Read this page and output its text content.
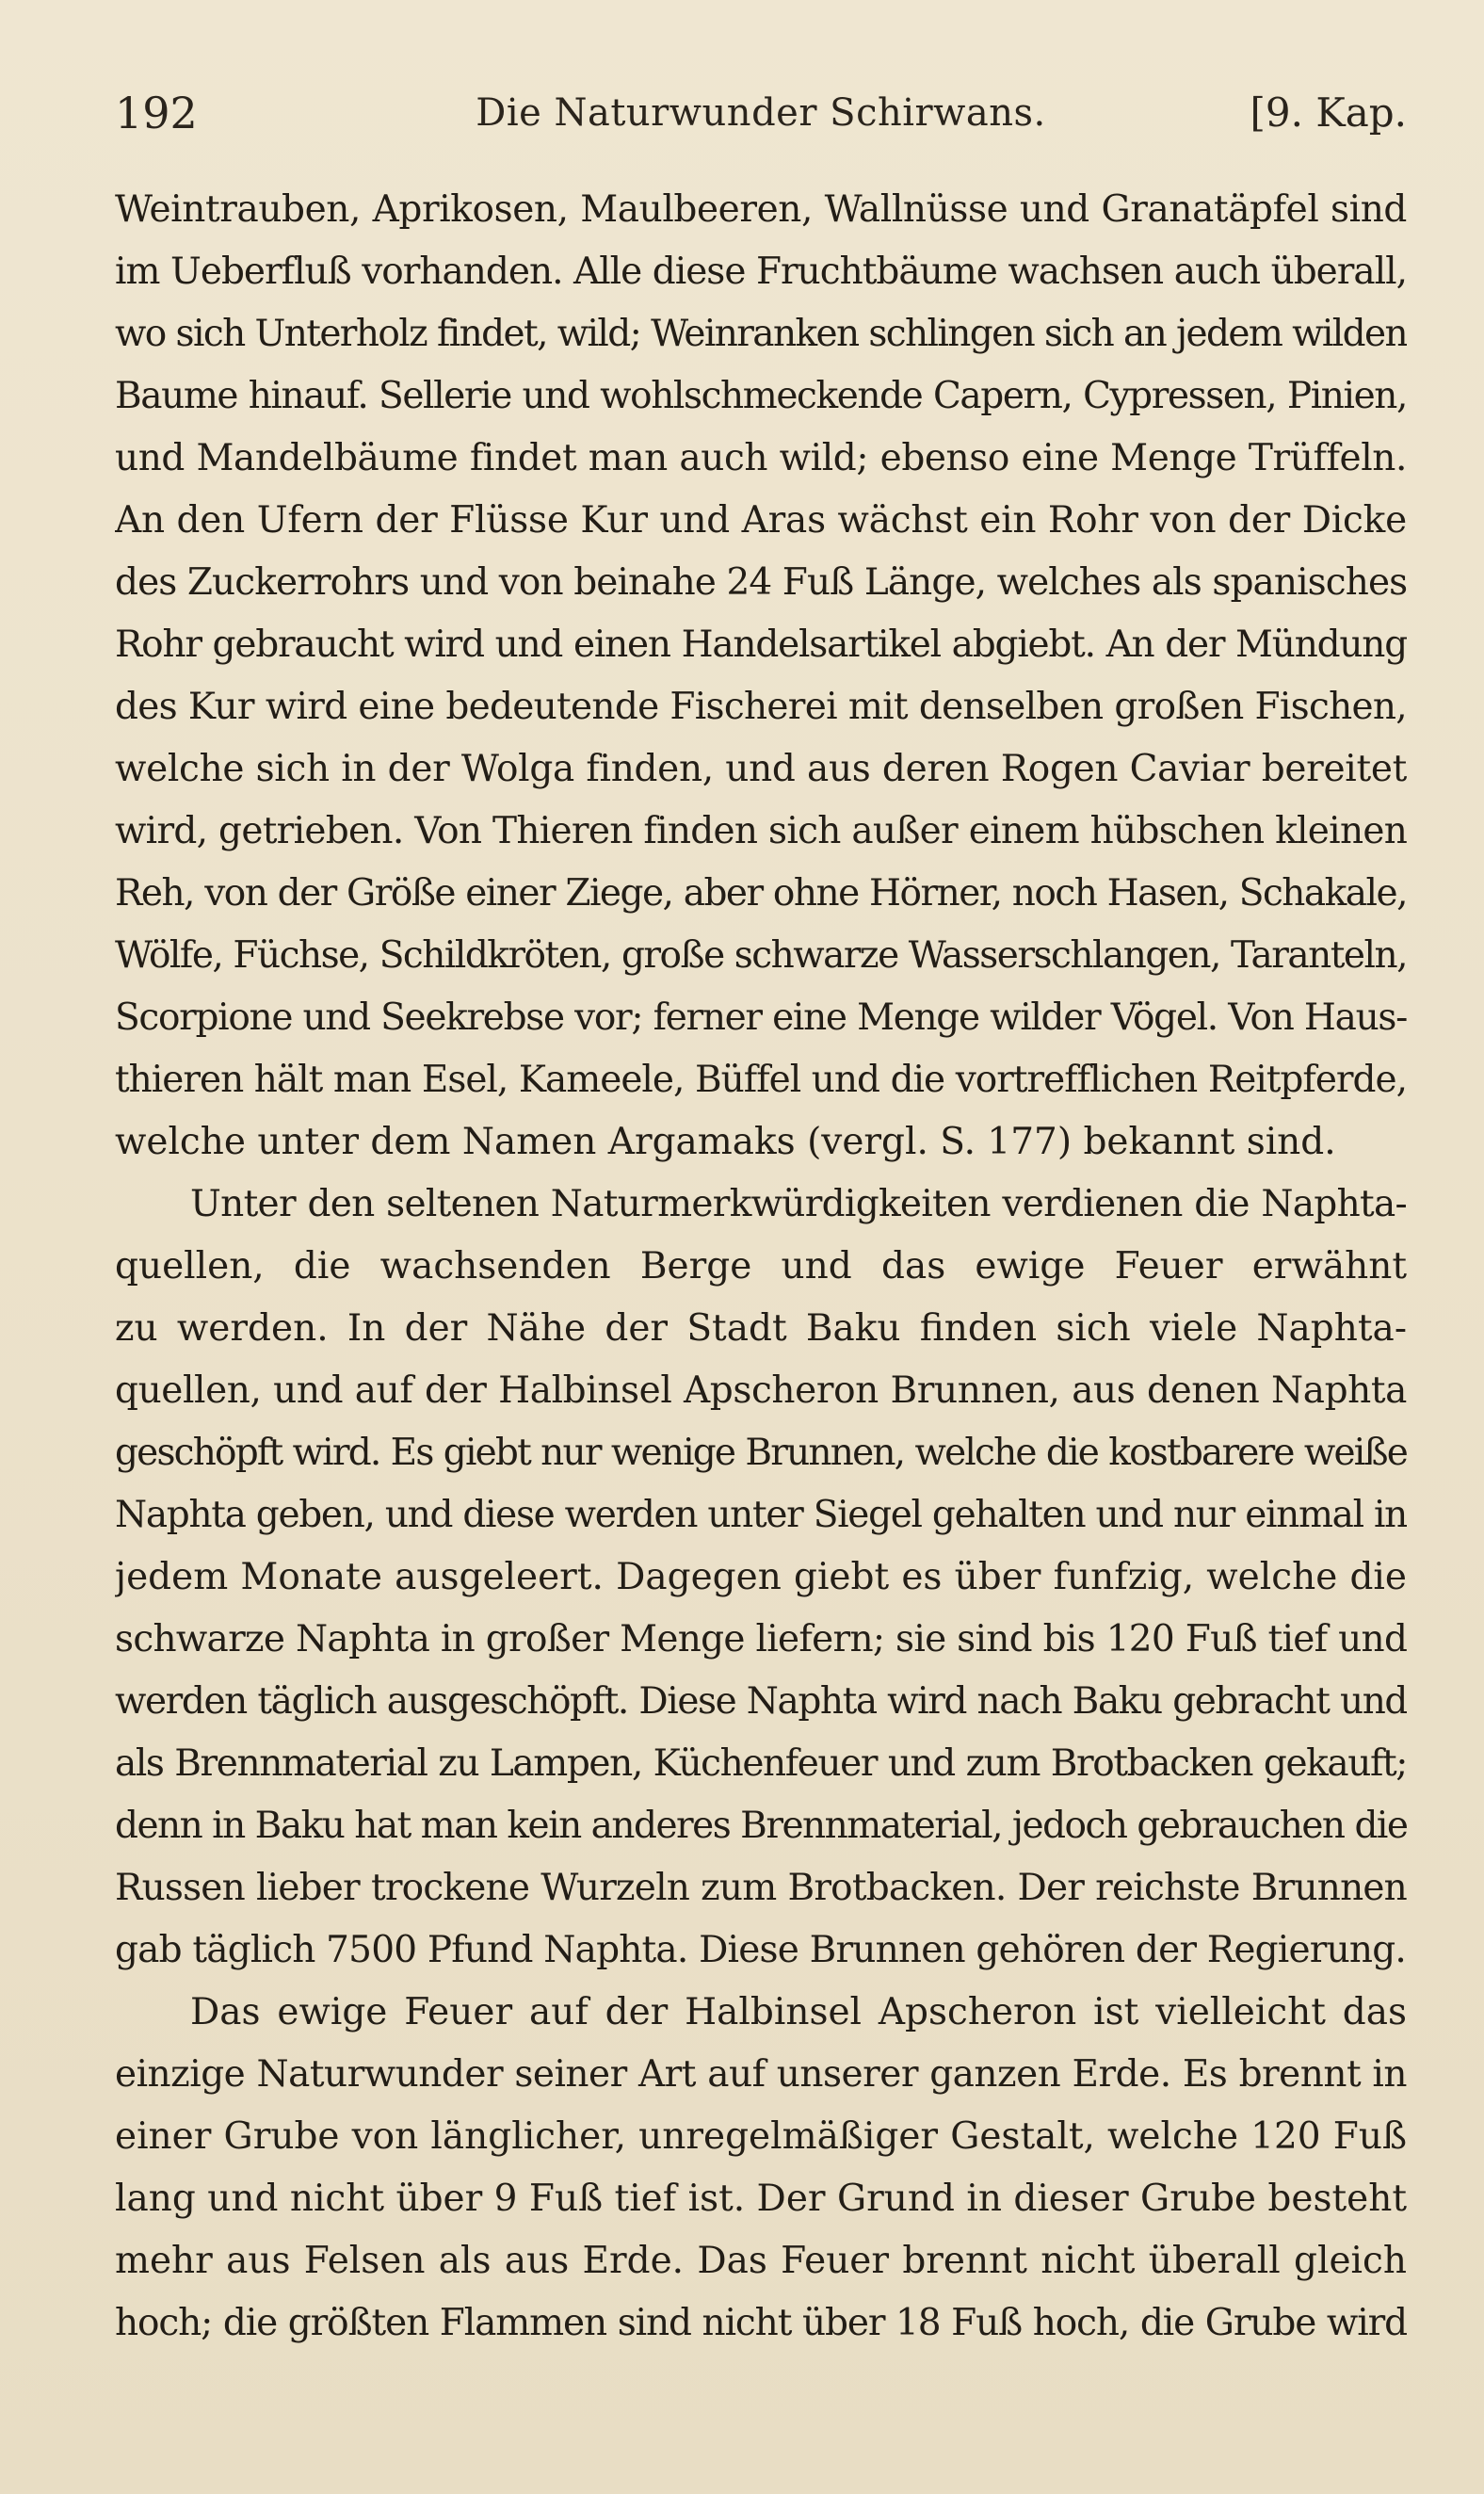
192	Die Naturwunder Schirwans.	[9. Kap.
Weintrauben, Aprikosen, Maulbeeren, Wallnüsse und Granatäpfel sind
im Ueberfluß vorhanden. Alle diese Fruchtbäume wachsen auch überall,
wo sich Unterholz findet, wild; Weinranken schlingen sich an jedem wilden
Baume hinauf. Sellerie und wohlschmeckende Capern, Cypressen, Pinien,
und Mandelbäume findet man auch wild; ebenso eine Menge Trüffeln.
An den Ufern der Flüsse Kur und Aras wächst ein Rohr von der Dicke
des Zuckerrohrs und von beinahe 24 Fuß Länge, welches als spanisches
Rohr gebraucht wird und einen Handelsartikel abgiebt. An der Mündung
des Kur wird eine bedeutende Fischerei mit denselben großen Fischen,
welche sich in der Wolga finden, und aus deren Rogen Caviar bereitet
wird, getrieben. Von Thieren finden sich außer einem hübschen kleinen
Reh, von der Größe einer Ziege, aber ohne Hörner, noch Hasen, Schakale,
Wölfe, Füchse, Schildkröten, große schwarze Wasserschlangen, Taranteln,
Scorpione und Seekrebse vor; ferner eine Menge wilder Vögel. Von Haus-
thieren hält man Esel, Kameele, Büffel und die vortrefflichen Reitpferde,
welche unter dem Namen Argamaks (vergl. S. 177) bekannt sind.
Unter den seltenen Naturmerkwürdigkeiten verdienen die Naphta-
quellen, die wachsenden Berge und das ewige Feuer erwähnt
zu werden. In der Nähe der Stadt Baku finden sich viele Naphta-
quellen, und auf der Halbinsel Apscheron Brunnen, aus denen Naphta
geschöpft wird. Es giebt nur wenige Brunnen, welche die kostbarere weiße
Naphta geben, und diese werden unter Siegel gehalten und nur einmal in
jedem Monate ausgeleert. Dagegen giebt es über funfzig, welche die
schwarze Naphta in großer Menge liefern; sie sind bis 120 Fuß tief und
werden täglich ausgeschöpft. Diese Naphta wird nach Baku gebracht und
als Brennmaterial zu Lampen, Küchenfeuer und zum Brotbacken gekauft;
denn in Baku hat man kein anderes Brennmaterial, jedoch gebrauchen die
Russen lieber trockene Wurzeln zum Brotbacken. Der reichste Brunnen
gab täglich 7500 Pfund Naphta. Diese Brunnen gehören der Regierung.
Das ewige Feuer auf der Halbinsel Apscheron ist vielleicht das
einzige Naturwunder seiner Art auf unserer ganzen Erde. Es brennt in
einer Grube von länglicher, unregelmäßiger Gestalt, welche 120 Fuß
lang und nicht über 9 Fuß tief ist. Der Grund in dieser Grube besteht
mehr aus Felsen als aus Erde. Das Feuer brennt nicht überall gleich
hoch; die größten Flammen sind nicht über 18 Fuß hoch, die Grube wird
